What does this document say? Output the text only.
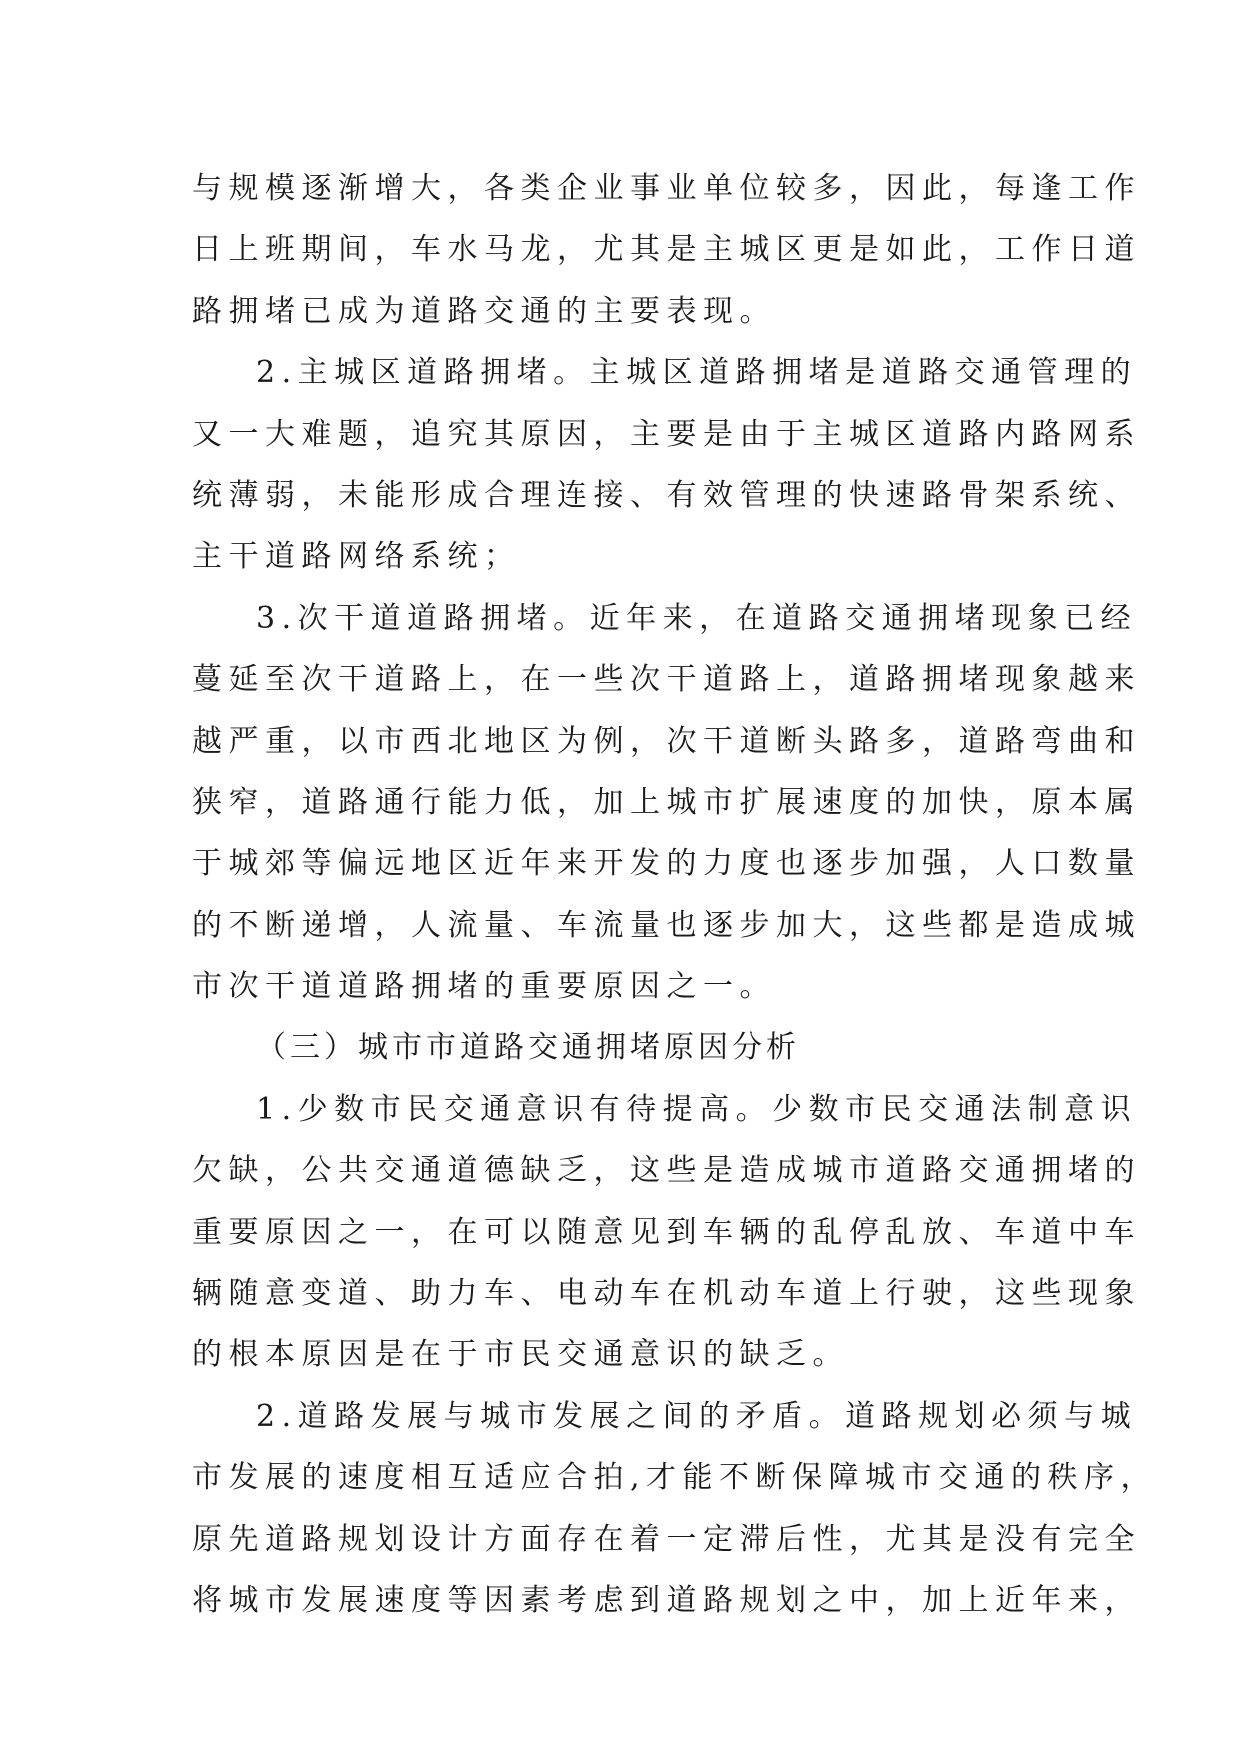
与规模逐渐增大，各类企业事业单位较多，因此，每逢工作
日上班期间，车水马龙，尤其是主城区更是如此，工作日道
路拥堵已成为道路交通的主要表现。
2.主城区道路拥堵。主城区道路拥堵是道路交通管理的
又一大难题，追究其原因，主要是由于主城区道路内路网系
统薄弱，未能形成合理连接、有效管理的快速路骨架系统、
主干道路网络系统；
3.次干道道路拥堵。近年来，在道路交通拥堵现象已经
蔓延至次干道路上，在一些次干道路上，道路拥堵现象越来
越严重，以市西北地区为例，次干道断头路多，道路弯曲和
狭窄，道路通行能力低，加上城市扩展速度的加快，原本属
于城郊等偏远地区近年来开发的力度也逐步加强，人口数量
的不断递增，人流量、车流量也逐步加大，这些都是造成城
市次干道道路拥堵的重要原因之一。
（三）城市市道路交通拥堵原因分析
1.少数市民交通意识有待提高。少数市民交通法制意识
欠缺，公共交通道德缺乏，这些是造成城市道路交通拥堵的
重要原因之一，在可以随意见到车辆的乱停乱放、车道中车
辆随意变道、助力车、电动车在机动车道上行驶，这些现象
的根本原因是在于市民交通意识的缺乏。
2.道路发展与城市发展之间的矛盾。道路规划必须与城
市发展的速度相互适应合拍,才能不断保障城市交通的秩序，
原先道路规划设计方面存在着一定滞后性，尤其是没有完全
将城市发展速度等因素考虑到道路规划之中，加上近年来，
